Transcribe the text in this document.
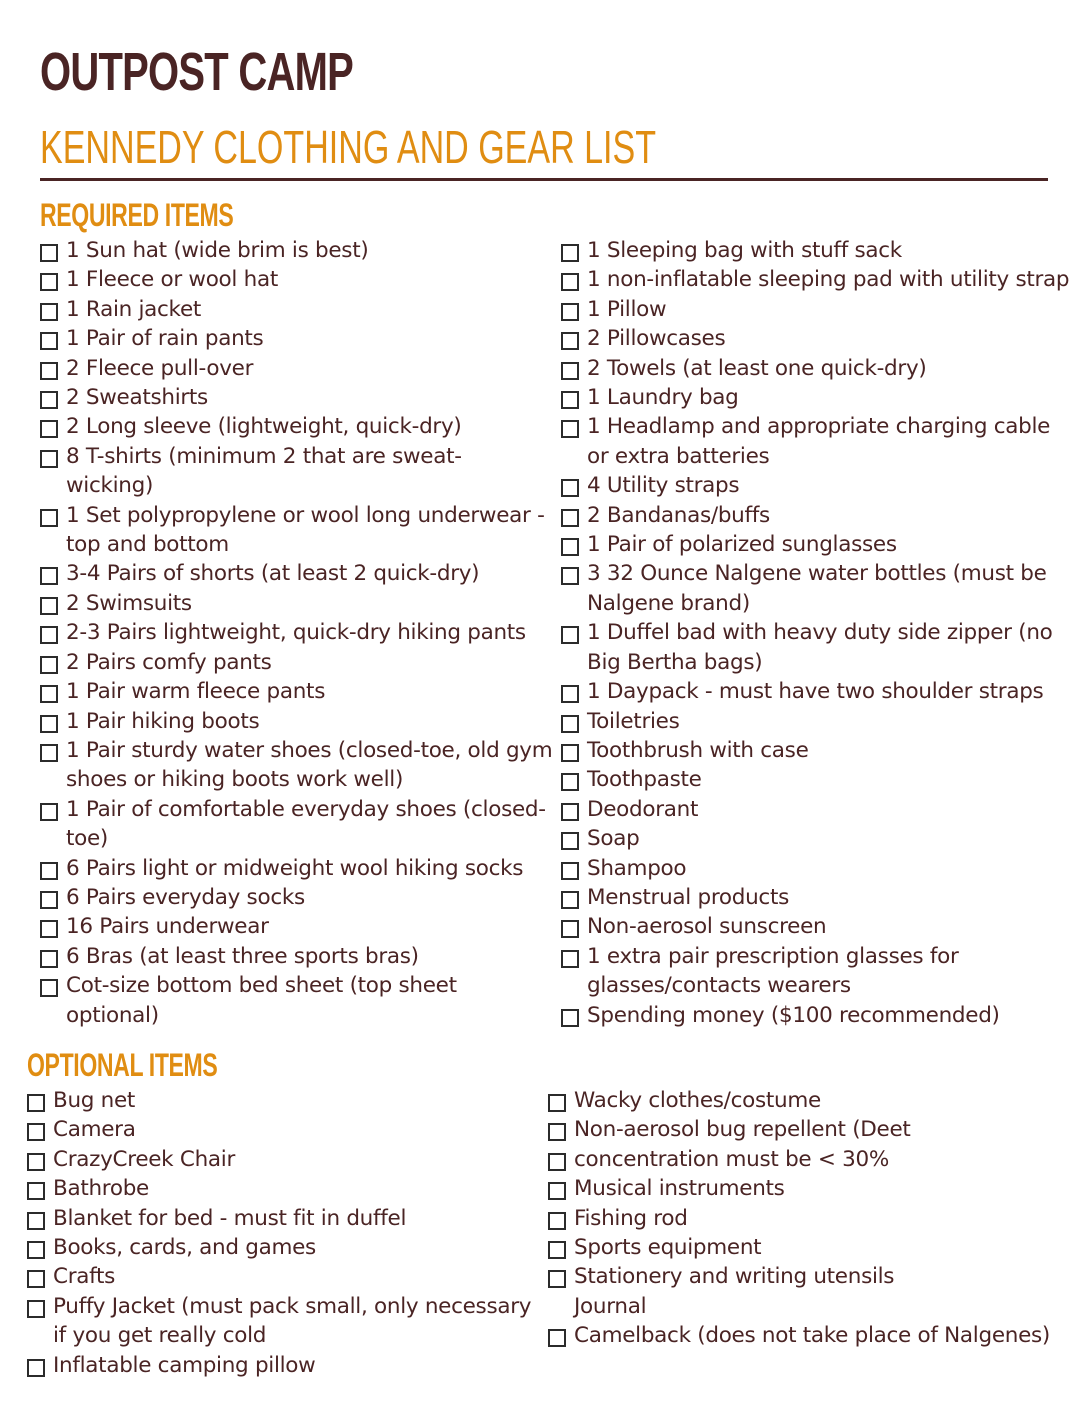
OUTPOST CAMP
KENNEDY CLOTHING AND GEAR LIST
REQUIRED ITEMS
1 Sun hat (wide brim is best)
1 Fleece or wool hat
1 Rain jacket
1 Pair of rain pants
2 Fleece pull-over
2 Sweatshirts
2 Long sleeve (lightweight, quick-dry)
8 T-shirts (minimum 2 that are sweat-
wicking)
1 Set polypropylene or wool long underwear -
top and bottom
3-4 Pairs of shorts (at least 2 quick-dry)
2 Swimsuits
2-3 Pairs lightweight, quick-dry hiking pants
2 Pairs comfy pants
1 Pair warm fleece pants
1 Pair hiking boots
1 Pair sturdy water shoes (closed-toe, old gym
shoes or hiking boots work well)
1 Pair of comfortable everyday shoes (closed-
toe)
6 Pairs light or midweight wool hiking socks
6 Pairs everyday socks
16 Pairs underwear
6 Bras (at least three sports bras)
Cot-size bottom bed sheet (top sheet
optional)
1 Sleeping bag with stuff sack
1 non-inflatable sleeping pad with utility strap
1 Pillow
2 Pillowcases
2 Towels (at least one quick-dry)
1 Laundry bag
1 Headlamp and appropriate charging cable
or extra batteries
4 Utility straps
2 Bandanas/buffs
1 Pair of polarized sunglasses
3 32 Ounce Nalgene water bottles (must be
Nalgene brand)
1 Duffel bad with heavy duty side zipper (no
Big Bertha bags)
1 Daypack - must have two shoulder straps
Toiletries
Toothbrush with case
Toothpaste
Deodorant
Soap
Shampoo
Menstrual products
Non-aerosol sunscreen
1 extra pair prescription glasses for
glasses/contacts wearers
Spending money ($100 recommended)
OPTIONAL ITEMS
Bug net
Camera
CrazyCreek Chair
Bathrobe
Blanket for bed - must fit in duffel
Books, cards, and games
Crafts
Puffy Jacket (must pack small, only necessary
if you get really cold
Inflatable camping pillow
Wacky clothes/costume
Non-aerosol bug repellent (Deet
concentration must be < 30%
Musical instruments
Fishing rod
Sports equipment
Stationery and writing utensils
Journal
Camelback (does not take place of Nalgenes)
